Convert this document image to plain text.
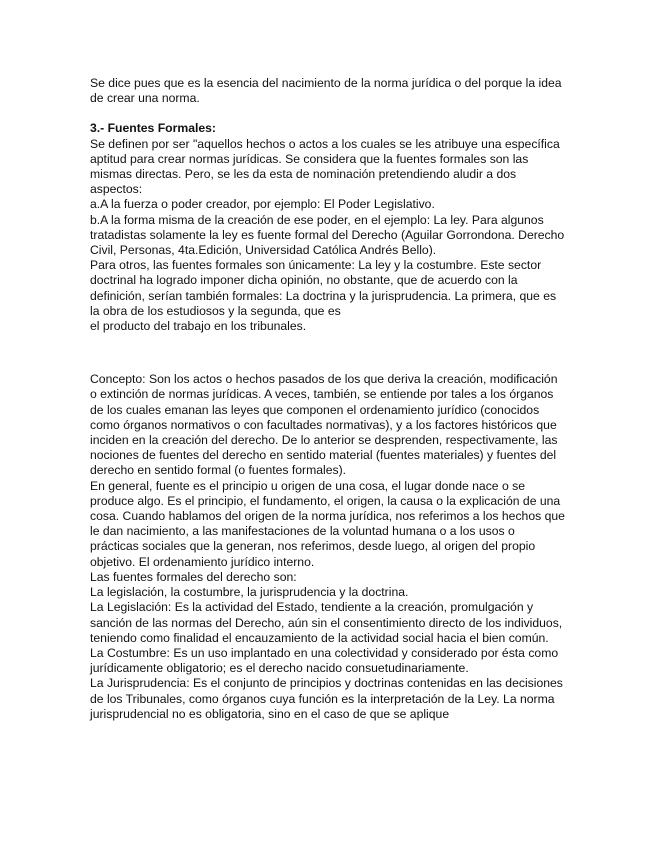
Se dice pues que es la esencia del nacimiento de la norma jurídica o del porque la idea de crear una norma.

3.- Fuentes Formales:

Se definen por ser "aquellos hechos o actos a los cuales se les atribuye una específica aptitud para crear normas jurídicas. Se considera que la fuentes formales son las mismas directas. Pero, se les da esta de nominación pretendiendo aludir a dos aspectos:

a.A la fuerza o poder creador, por ejemplo: El Poder Legislativo.

b.A la forma misma de la creación de ese poder, en el ejemplo: La ley. Para algunos tratadistas solamente la ley es fuente formal del Derecho (Aguilar Gorrondona. Derecho Civil, Personas, 4ta.Edición, Universidad Católica Andrés Bello).

Para otros, las fuentes formales son únicamente: La ley y la costumbre. Este sector doctrinal ha logrado imponer dicha opinión, no obstante, que de acuerdo con la definición, serían también formales: La doctrina y la jurisprudencia. La primera, que es la obra de los estudiosos y la segunda, que es

el producto del trabajo en los tribunales.

Concepto: Son los actos o hechos pasados de los que deriva la creación, modificación o extinción de normas jurídicas. A veces, también, se entiende por tales a los órganos de los cuales emanan las leyes que componen el ordenamiento jurídico (conocidos como órganos normativos o con facultades normativas), y a los factores históricos que inciden en la creación del derecho. De lo anterior se desprenden, respectivamente, las nociones de fuentes del derecho en sentido material (fuentes materiales) y fuentes del derecho en sentido formal (o fuentes formales).

En general, fuente es el principio u origen de una cosa, el lugar donde nace o se produce algo. Es el principio, el fundamento, el origen, la causa o la explicación de una cosa. Cuando hablamos del origen de la norma jurídica, nos referimos a los hechos que le dan nacimiento, a las manifestaciones de la voluntad humana o a los usos o prácticas sociales que la generan, nos referimos, desde luego, al origen del propio objetivo. El ordenamiento jurídico interno.

Las fuentes formales del derecho son:

La legislación, la costumbre, la jurisprudencia y la doctrina.

La Legislación: Es la actividad del Estado, tendiente a la creación, promulgación y sanción de las normas del Derecho, aún sin el consentimiento directo de los individuos, teniendo como finalidad el encauzamiento de la actividad social hacia el bien común.

La Costumbre: Es un uso implantado en una colectividad y considerado por ésta como jurídicamente obligatorio; es el derecho nacido consuetudinariamente.

La Jurisprudencia: Es el conjunto de principios y doctrinas contenidas en las decisiones de los Tribunales, como órganos cuya función es la interpretación de la Ley. La norma jurisprudencial no es obligatoria, sino en el caso de que se aplique
